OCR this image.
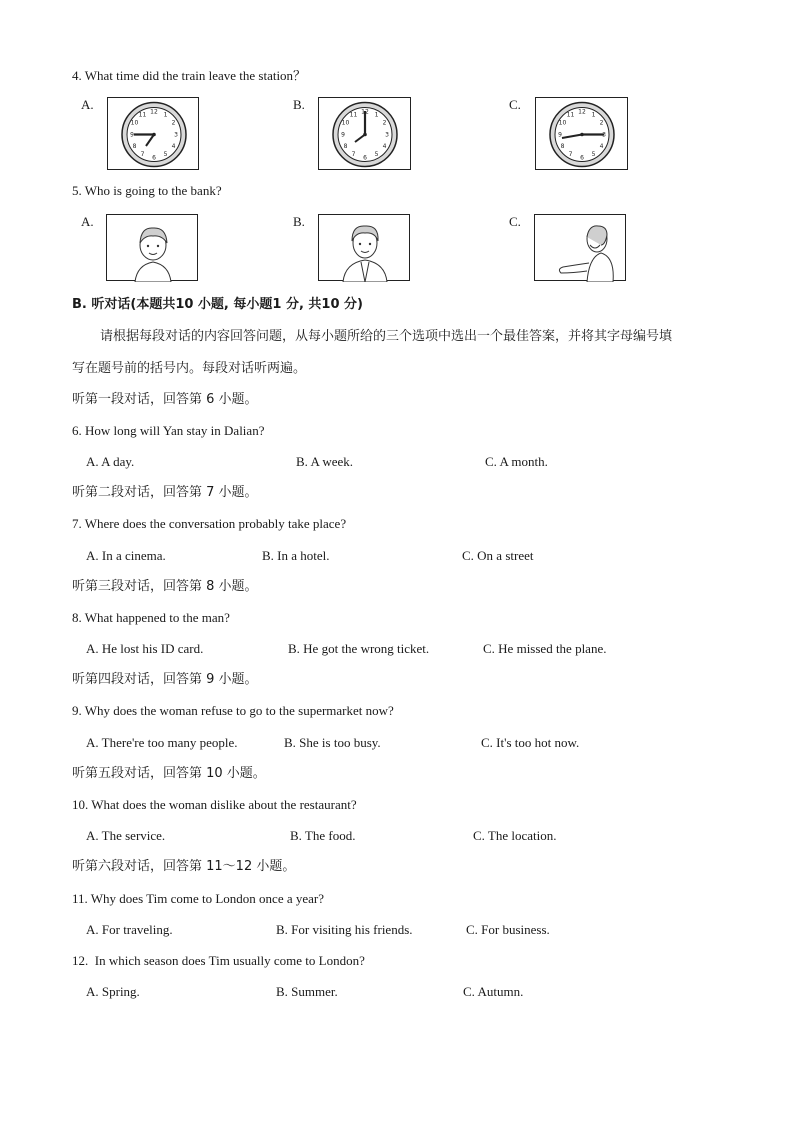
4. What time did the train leave the station？
A.	B.	C.
5. Who is going to the bank?
A.	B.	C.
B. 听对话(本题共10 小题, 每小题1 分, 共10 分)
请根据每段对话的内容回答问题，从每小题所给的三个选项中选出一个最佳答案，并将其字母编号填
写在题号前的括号内。每段对话听两遍。
听第一段对话，回答第 6 小题。
6. How long will Yan stay in Dalian?
A. A day.	B. A week.	C. A month.
听第二段对话，回答第 7 小题。
7. Where does the conversation probably take place?
A. In a cinema.	B. In a hotel.	C. On a street
听第三段对话，回答第 8 小题。
8. What happened to the man?
A. He lost his ID card.	B. He got the wrong ticket.	C. He missed the plane.
听第四段对话，回答第 9 小题。
9. Why does the woman refuse to go to the supermarket now?
A. There're too many people.	B. She is too busy.	C. It's too hot now.
听第五段对话，回答第 10 小题。
10. What does the woman dislike about the restaurant?
A. The service.	B. The food.	C. The location.
听第六段对话，回答第 11～12 小题。
11. Why does Tim come to London once a year?
A. For traveling.	B. For visiting his friends.	C. For business.
12.  In which season does Tim usually come to London?
A. Spring.	B. Summer.	C. Autumn.
